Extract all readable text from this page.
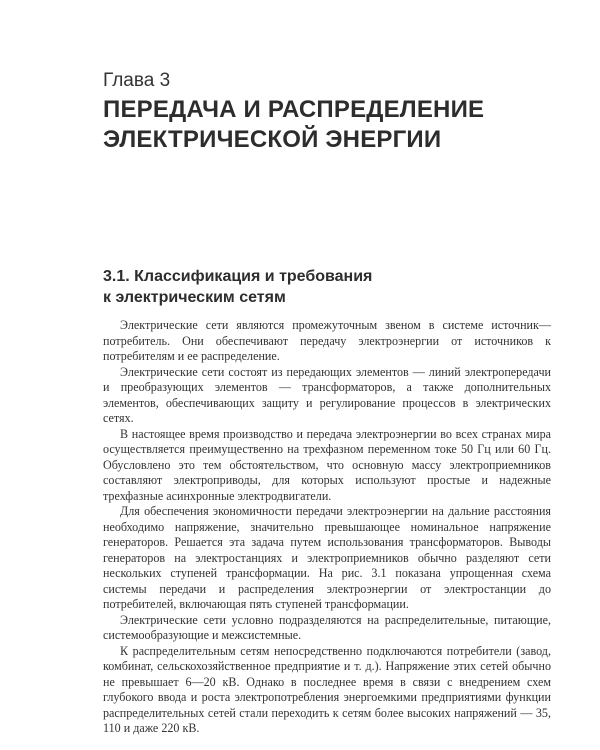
Глава 3
ПЕРЕДАЧА И РАСПРЕДЕЛЕНИЕ
ЭЛЕКТРИЧЕСКОЙ ЭНЕРГИИ
3.1. Классификация и требования
к электрическим сетям

Электрические сети являются промежуточным звеном в системе источник—потребитель. Они обеспечивают передачу электроэнергии от источников к потребителям и ее распределение.

Электрические сети состоят из передающих элементов — линий электропередачи и преобразующих элементов — трансформаторов, а также дополнительных элементов, обеспечивающих защиту и регулирование процессов в электрических сетях.

В настоящее время производство и передача электроэнергии во всех странах мира осуществляется преимущественно на трехфазном переменном токе 50 Гц или 60 Гц. Обусловлено это тем обстоятельством, что основную массу электроприемников составляют электроприводы, для которых используют простые и надежные трехфазные асинхронные электродвигатели.

Для обеспечения экономичности передачи электроэнергии на дальние расстояния необходимо напряжение, значительно превышающее номинальное напряжение генераторов. Решается эта задача путем использования трансформаторов. Выводы генераторов на электростанциях и электроприемников обычно разделяют сети нескольких ступеней трансформации. На рис. 3.1 показана упрощенная схема системы передачи и распределения электроэнергии от электростанции до потребителей, включающая пять ступеней трансформации.

Электрические сети условно подразделяются на распределительные, питающие, системообразующие и межсистемные.

К распределительным сетям непосредственно подключаются потребители (завод, комбинат, сельскохозяйственное предприятие и т. д.). Напряжение этих сетей обычно не превышает 6—20 кВ. Однако в последнее время в связи с внедрением схем глубокого ввода и роста электропотребления энергоемкими предприятиями функции распределительных сетей стали переходить к сетям более высоких напряжений — 35, 110 и даже 220 кВ.
